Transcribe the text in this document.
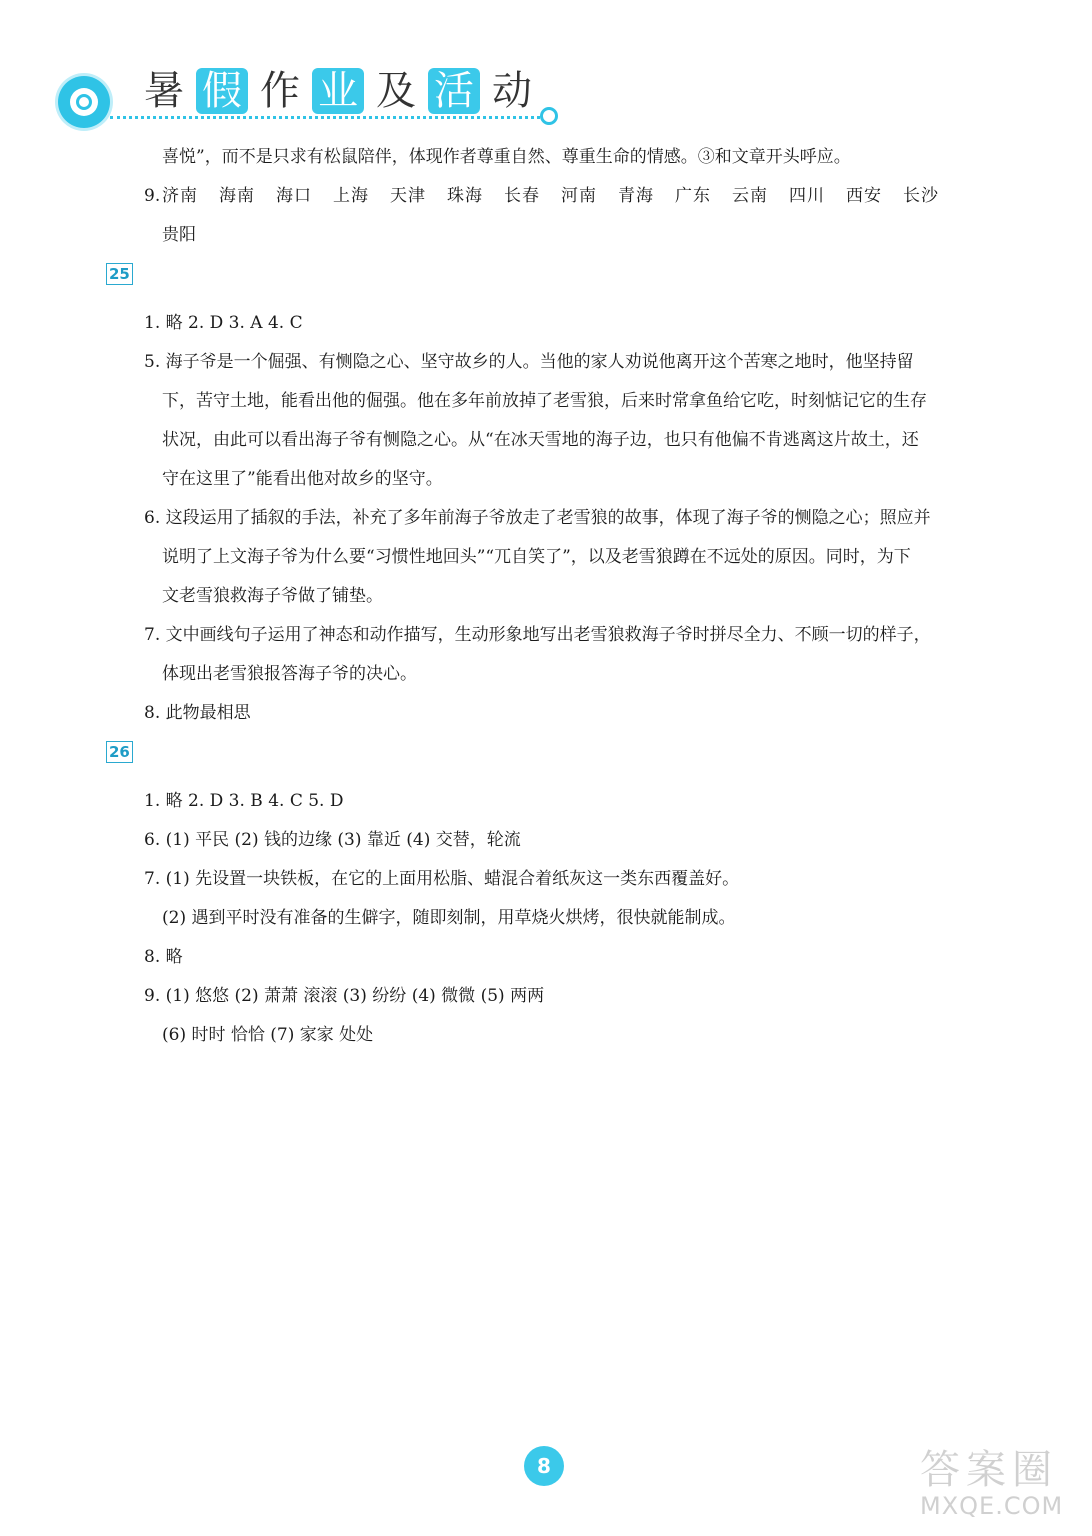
暑 假 作 业 及 活 动
喜悦”，而不是只求有松鼠陪伴，体现作者尊重自然、尊重生命的情感。③和文章开头呼应。
9. 济南 海南 海口 上海 天津 珠海 长春 河南 青海 广东 云南 四川 西安 长沙
贵阳
25
1. 略 2. D 3. A 4. C
5. 海子爷是一个倔强、有恻隐之心、坚守故乡的人。当他的家人劝说他离开这个苦寒之地时，他坚持留
下，苦守土地，能看出他的倔强。他在多年前放掉了老雪狼，后来时常拿鱼给它吃，时刻惦记它的生存
状况，由此可以看出海子爷有恻隐之心。从“在冰天雪地的海子边，也只有他偏不肯逃离这片故土，还
守在这里了”能看出他对故乡的坚守。
6. 这段运用了插叙的手法，补充了多年前海子爷放走了老雪狼的故事，体现了海子爷的恻隐之心；照应并
说明了上文海子爷为什么要“习惯性地回头”“兀自笑了”，以及老雪狼蹲在不远处的原因。同时，为下
文老雪狼救海子爷做了铺垫。
7. 文中画线句子运用了神态和动作描写，生动形象地写出老雪狼救海子爷时拼尽全力、不顾一切的样子，
体现出老雪狼报答海子爷的决心。
8. 此物最相思
26
1. 略 2. D 3. B 4. C 5. D
6. (1) 平民 (2) 钱的边缘 (3) 靠近 (4) 交替，轮流
7. (1) 先设置一块铁板，在它的上面用松脂、蜡混合着纸灰这一类东西覆盖好。
(2) 遇到平时没有准备的生僻字，随即刻制，用草烧火烘烤，很快就能制成。
8. 略
9. (1) 悠悠 (2) 萧萧 滚滚 (3) 纷纷 (4) 微微 (5) 两两
(6) 时时 恰恰 (7) 家家 处处
8	答案圈
MXQE.COM
